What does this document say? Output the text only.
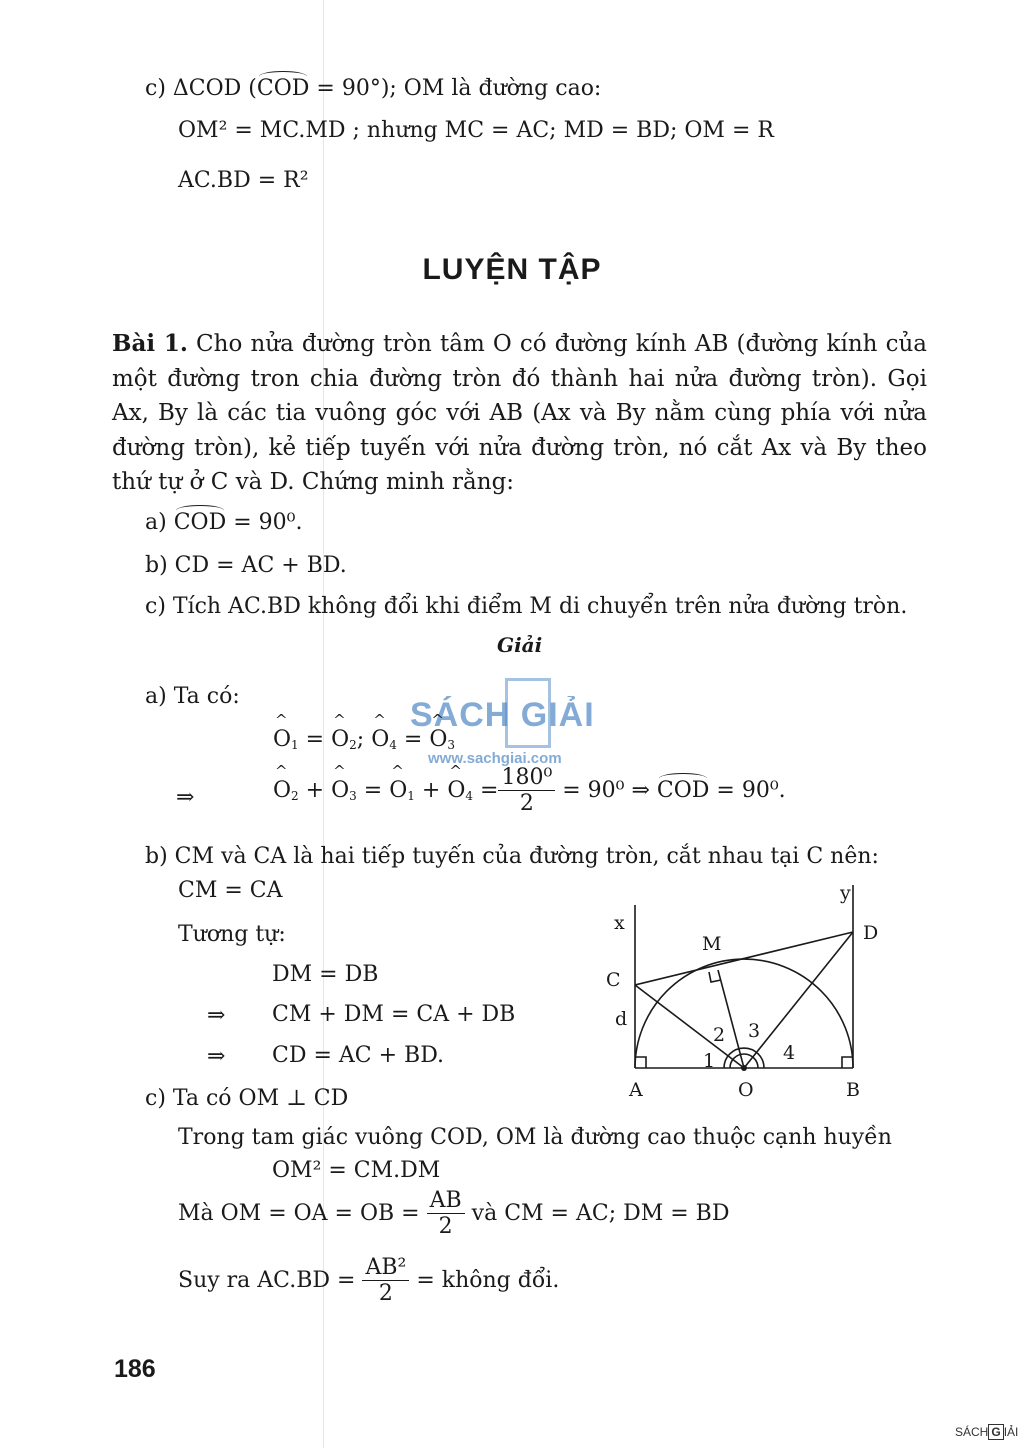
c) ΔCOD (COD = 90°); OM là đường cao:
OM² = MC.MD ; nhưng MC = AC; MD = BD; OM = R
AC.BD = R²
LUYỆN TẬP
Bài 1. Cho nửa đường tròn tâm O có đường kính AB (đường kính của một đường tron chia đường tròn đó thành hai nửa đường tròn). Gọi Ax, By là các tia vuông góc với AB (Ax và By nằm cùng phía với nửa đường tròn), kẻ tiếp tuyến với nửa đường tròn, nó cắt Ax và By theo thứ tự ở C và D. Chứng minh rằng:
a) COD = 90⁰.
b) CD = AC + BD.
c) Tích AC.BD không đổi khi điểm M di chuyển trên nửa đường tròn.
Giải
SÁCH GIẢI
www.sachgiai.com
a) Ta có:
^ $O_1$ = ^ $O_2$; ^ $O_4$ = ^ $O_3$
⇒
^	$O_2$ + ^ $O_3$ = ^ $O_1$ + ^ $O_4 = \frac{\text{180⁰}}{2} = 90^0$ ⇒ COD = 90⁰.
b) CM và CA là hai tiếp tuyến của đường tròn, cắt nhau tại C nên:
CM = CA
Tương tự:
DM = DB
⇒ CM + DM = CA + DB
⇒ CD = AC + BD.
c) Ta có OM ⊥ CD
Trong tam giác vuông COD, OM là đường cao thuộc cạnh huyền
OM² = CM.DM
Mà OM = OA = OB = $\frac{AB}{2}$ và CM = AC; DM = BD
Suy ra $AC.BD = \frac{\text{AB²}}{2}$ = không đổi.
x
y
M	D
C
d
1
2 3
4
A	O	B
186
SÁCH G IẢI
